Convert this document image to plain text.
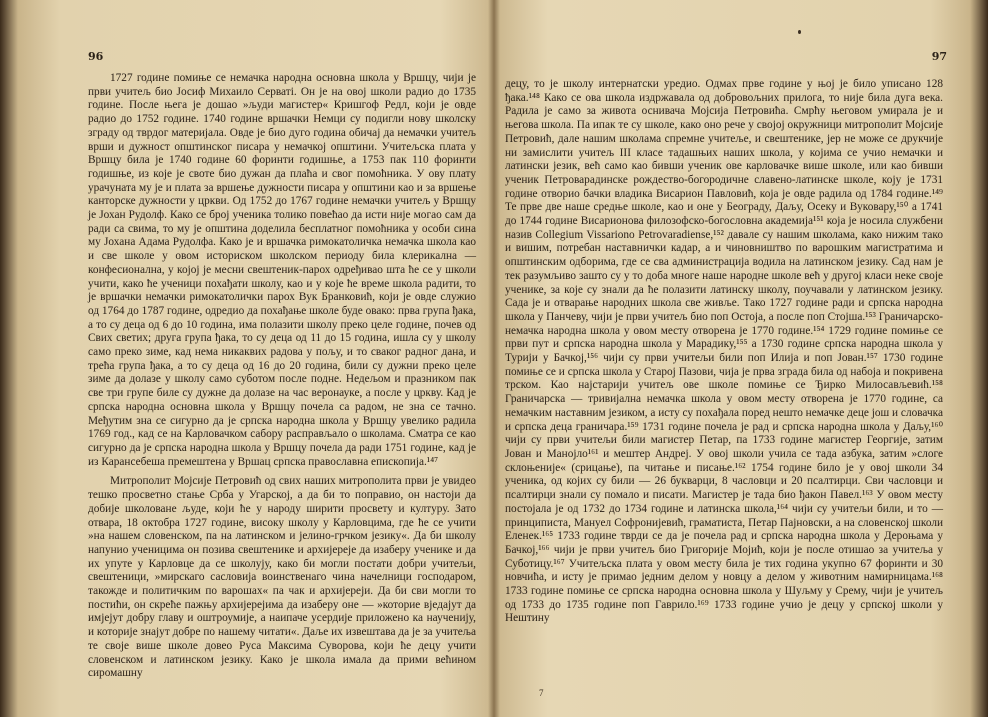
96

1727 године помиње се немачка народна основна школа у Вршцу, чији је први учитељ био Јосиф Михаило Серватi. Он је на овој школи радио до 1735 године. После њега је дошао »људи магистер« Кришгоф Редл, који је овде радио до 1752 године. 1740 године вршачки Немци су подигли нову школску зграду од тврдог материјала. Овде је био дуго година обичај да немачки учитељ врши и дужност општинског писара у немачкој општини. Учитељска плата у Вршцу била је 1740 године 60 форинти годишње, а 1753 пак 110 форинти годишње, из које је своте био дужан да плаћа и свог помоћника. У ову плату урачуната му је и плата за вршење дужности писара у општини као и за вршење канторске дужности у цркви. Од 1752 до 1767 године немачки учитељ у Вршцу је Јохан Рудолф. Како се број ученика толико повећао да исти није могао сам да ради са свима, то му је општина доделила бесплатног помоћника у особи сина му Јохана Адама Рудолфа. Како је и вршачка римокатоличка немачка школа као и све школе у овом историском школском периоду била клерикална — конфесионална, у којој је месни свештеник-парох одређивао шта ће се у школи учити, како ће ученици похађати школу, као и у које ће време школа радити, то је вршачки немачки римокатолички парох Вук Бранковић, који је овде служио од 1764 до 1787 године, одредио да похађање школе буде овако: прва група ђака, а то су деца од 6 до 10 година, има полазити школу преко целе године, почев од Свих светих; друга група ђака, то су деца од 11 до 15 година, ишла су у школу само преко зиме, кад нема никаквих радова у пољу, и то сваког радног дана, и трећа група ђака, а то су деца од 16 до 20 година, били су дужни преко целе зиме да долазе у школу само суботом после подне. Недељом и празником пак све три групе биле су дужне да долазе на час веронауке, а после у цркву. Кад је српска народна основна школа у Вршцу почела са радом, не зна се тачно. Међутим зна се сигурно да је српска народна школа у Вршцу увелико радила 1769 год., кад се на Карловачком сабору расправљало о школама. Сматра се као сигурно да је српска народна школа у Вршцу почела да ради 1751 године, кад је из Карансебеша премештена у Вршац српска православна епископија.¹⁴⁷

Митрополит Мојсије Петровић од свих наших митрополита први је увидео тешко просветно стање Срба у Угарској, а да би то поправио, он настоји да добије школоване људе, који ће у народу ширити просвету и културу. Зато отвара, 18 октобра 1727 године, високу школу у Карловцима, где ће се учити »на нашем словенском, па на латинском и јелино-грчком језику«. Да би школу напунио ученицима он позива свештенике и архијереје да изаберу ученике и да их упуте у Карловце да се школују, како би могли постати добри учитељи, свештеници, »мирскаго сасловија воинственаго чина начелници господаром, такожде и политичким по варошах« па чак и архијереји. Да би сви могли то постићи, он скреће пажњу архијерејима да изаберу оне — »которие вједајут да имјејут добру главу и оштроумије, а наипаче усердије приложено ка наученију, и которије знајут добре по нашему читати«. Даље их извештава да је за учитеља те своје више школе довео Руса Максима Суворова, који ће децу учити словенском и латинском језику. Како је школа имала да прими већином сиромашну

97

децу, то је школу интернатски уредио. Одмах прве године у њој је било уписано 128 ђака.¹⁴⁸ Како се ова школа издржавала од добровољних прилога, то није била дуга века. Радила је само за живота оснивача Мојсија Петровића. Смрћу његовом умирала је и његова школа. Па ипак те су школе, како оно рече у својој окружници митрополит Мојсије Петровић, дале нашим школама спремне учитеље, и свештенике, јер не може се друкчије ни замислити учитељ III класе тадашњих наших школа, у којима се учио немачки и латински језик, већ само као бивши ученик ове карловачке више школе, или као бивши ученик Петроварадинске рождество-богородичне славено-латинске школе, коју је 1731 године отворио бачки владика Висарион Павловић, која је овде радила од 1784 године.¹⁴⁹ Те прве две наше средње школе, као и оне у Београду, Даљу, Осеку и Вуковару,¹⁵⁰ а 1741 до 1744 године Висарионова филозофско-богословна академија¹⁵¹ која је носила службени назив Collegium Vissarionо Petrovaradiense,¹⁵² давале су нашим школама, како нижим тако и вишим, потребан наставнички кадар, а и чиновништво по варошким магистратима и општинским одборима, где се сва администрација водила на латинском језику. Сад нам је тек разумљиво зашто су у то доба многе наше народне школе већ у другој класи неке своје ученике, за које су знали да ће полазити латинску школу, поучавали у латинском језику. Сада је и отварање народних школа све живље. Тако 1727 године ради и српска народна школа у Панчеву, чији је први учитељ био поп Остоја, а после поп Стојша.¹⁵³ Граничарско-немачка народна школа у овом месту отворена је 1770 године.¹⁵⁴ 1729 године помиње се први пут и српска народна школа у Марадику,¹⁵⁵ а 1730 године српска народна школа у Турији у Бачкој,¹⁵⁶ чији су први учитељи били поп Илија и поп Јован.¹⁵⁷ 1730 године помиње се и српска школа у Старој Пазови, чија је прва зграда била од набоја и покривена трском. Као најстарији учитељ ове школе помиње се Ђирко Милосављевић.¹⁵⁸ Граничарска — тривијална немачка школа у овом месту отворена је 1770 године, са немачким наставним језиком, а исту су похађала поред нешто немачке деце још и словачка и српска деца граничара.¹⁵⁹ 1731 године почела је рад и српска народна школа у Даљу,¹⁶⁰ чији су први учитељи били магистер Петар, па 1733 године магистер Георгије, затим Јован и Манојло¹⁶¹ и мештер Андреј. У овој школи учила се тада азбука, затим »слоге склоњеније« (срицање), па читање и писање.¹⁶² 1754 године било је у овој школи 34 ученика, од којих су били — 26 букварци, 8 часловци и 20 псалтирци. Сви часловци и псалтирци знали су помало и писати. Магистер је тада био ђакон Павел.¹⁶³ У овом месту постојала је од 1732 до 1734 године и латинска школа,¹⁶⁴ чији су учитељи били, и то — принциписта, Мануел Софронијевић, граматиста, Петар Пајновски, а на словенској школи Еленек.¹⁶⁵ 1733 године тврди се да је почела рад и српска народна школа у Дероњама у Бачкој,¹⁶⁶ чији је први учитељ био Григорије Мојић, који је после отишао за учитеља у Суботицу.¹⁶⁷ Учитељска плата у овом месту била је тих година укупно 67 форинти и 30 новчића, и исту је примао једним делом у новцу а делом у животним намирницама.¹⁶⁸ 1733 године помиње се српска народна основна школа у Шуљму у Срему, чији је учитељ од 1733 до 1735 године поп Гаврило.¹⁶⁹ 1733 године учио је децу у српској школи у Нештину

7
